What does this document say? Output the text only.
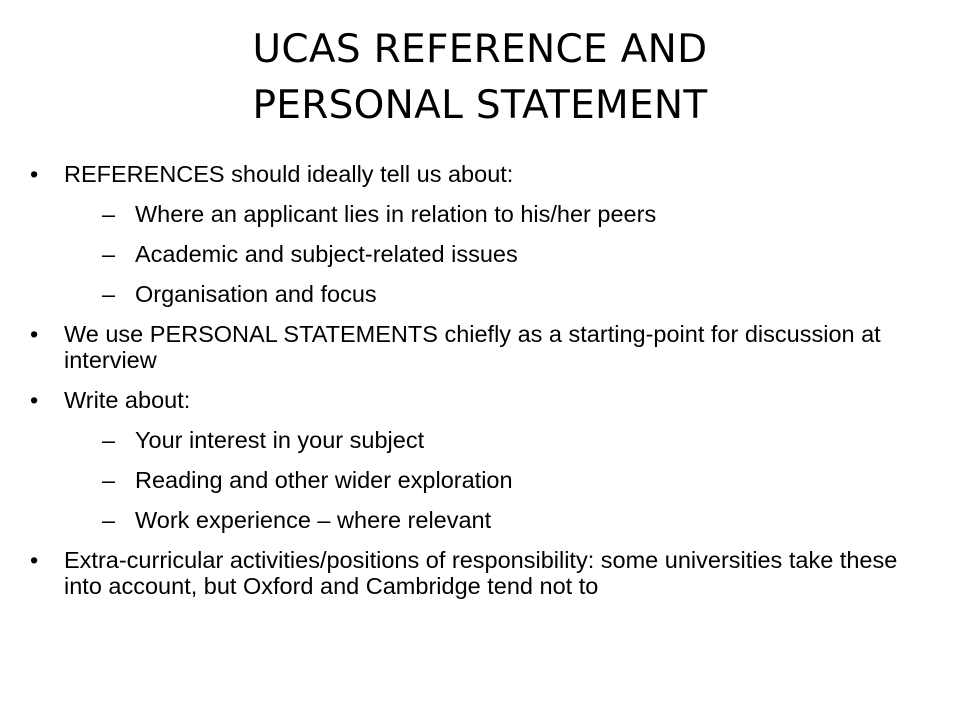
UCAS REFERENCE AND
PERSONAL STATEMENT
• REFERENCES should ideally tell us about:
– Where an applicant lies in relation to his/her peers
– Academic and subject-related issues
– Organisation and focus
• We use PERSONAL STATEMENTS chiefly as a starting-point for discussion at interview
• Write about:
– Your interest in your subject
– Reading and other wider exploration
– Work experience – where relevant
• Extra-curricular activities/positions of responsibility: some universities take these into account, but Oxford and Cambridge tend not to
